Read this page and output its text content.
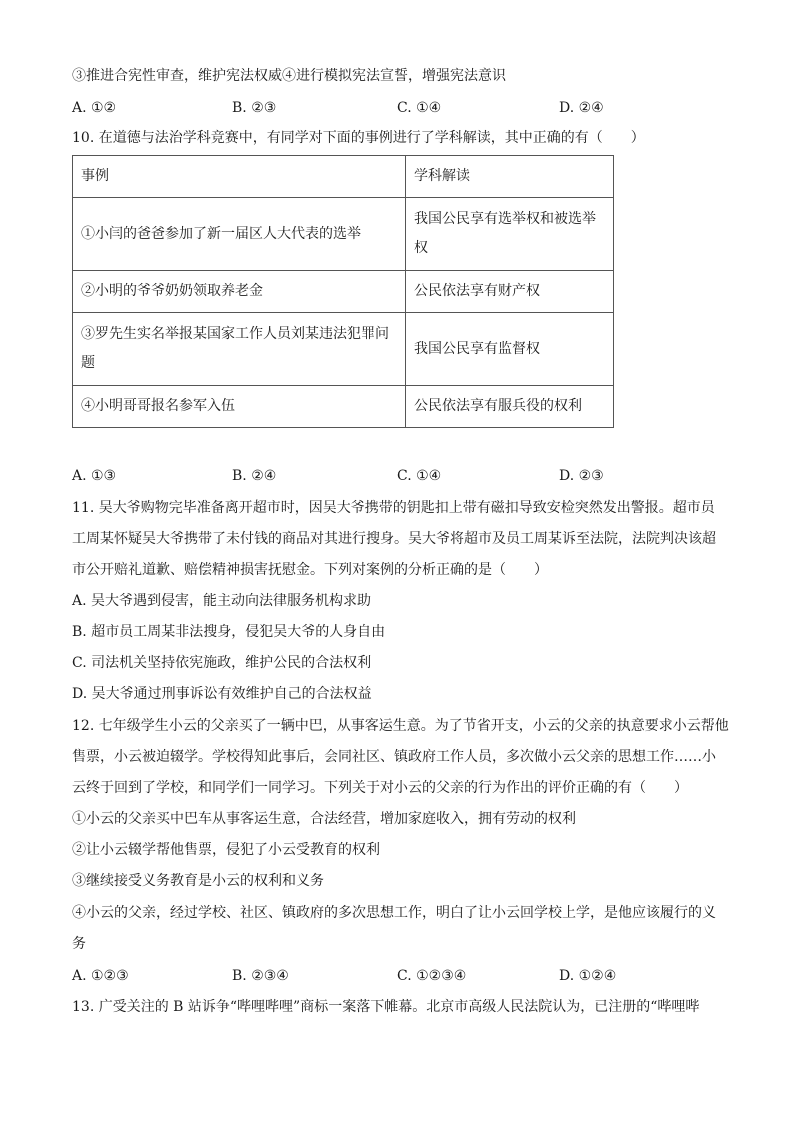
③推进合宪性审查，维护宪法权威④进行模拟宪法宣誓，增强宪法意识
A. ①②	B. ②③	C. ①④	D. ②④
10. 在道德与法治学科竞赛中，有同学对下面的事例进行了学科解读，其中正确的有（　　）
事例	学科解读
①小闫的爸爸参加了新一届区人大代表的选举	我国公民享有选举权和被选举权
②小明的爷爷奶奶领取养老金	公民依法享有财产权
③罗先生实名举报某国家工作人员刘某违法犯罪问题	我国公民享有监督权
④小明哥哥报名参军入伍	公民依法享有服兵役的权利
A. ①③	B. ②④	C. ①④	D. ②③
11. 吴大爷购物完毕准备离开超市时，因吴大爷携带的钥匙扣上带有磁扣导致安检突然发出警报。超市员
工周某怀疑吴大爷携带了未付钱的商品对其进行搜身。吴大爷将超市及员工周某诉至法院，法院判决该超
市公开赔礼道歉、赔偿精神损害抚慰金。下列对案例的分析正确的是（　　）
A. 吴大爷遇到侵害，能主动向法律服务机构求助
B. 超市员工周某非法搜身，侵犯吴大爷的人身自由
C. 司法机关坚持依宪施政，维护公民的合法权利
D. 吴大爷通过刑事诉讼有效维护自己的合法权益
12. 七年级学生小云的父亲买了一辆中巴，从事客运生意。为了节省开支，小云的父亲的执意要求小云帮他
售票，小云被迫辍学。学校得知此事后，会同社区、镇政府工作人员，多次做小云父亲的思想工作……小
云终于回到了学校，和同学们一同学习。下列关于对小云的父亲的行为作出的评价正确的有（　　）
①小云的父亲买中巴车从事客运生意，合法经营，增加家庭收入，拥有劳动的权利
②让小云辍学帮他售票，侵犯了小云受教育的权利
③继续接受义务教育是小云的权利和义务
④小云的父亲，经过学校、社区、镇政府的多次思想工作，明白了让小云回学校上学，是他应该履行的义
务
A. ①②③	B. ②③④	C. ①②③④	D. ①②④
13. 广受关注的 B 站诉争“哔哩哔哩”商标一案落下帷幕。北京市高级人民法院认为，已注册的“哔哩哔
